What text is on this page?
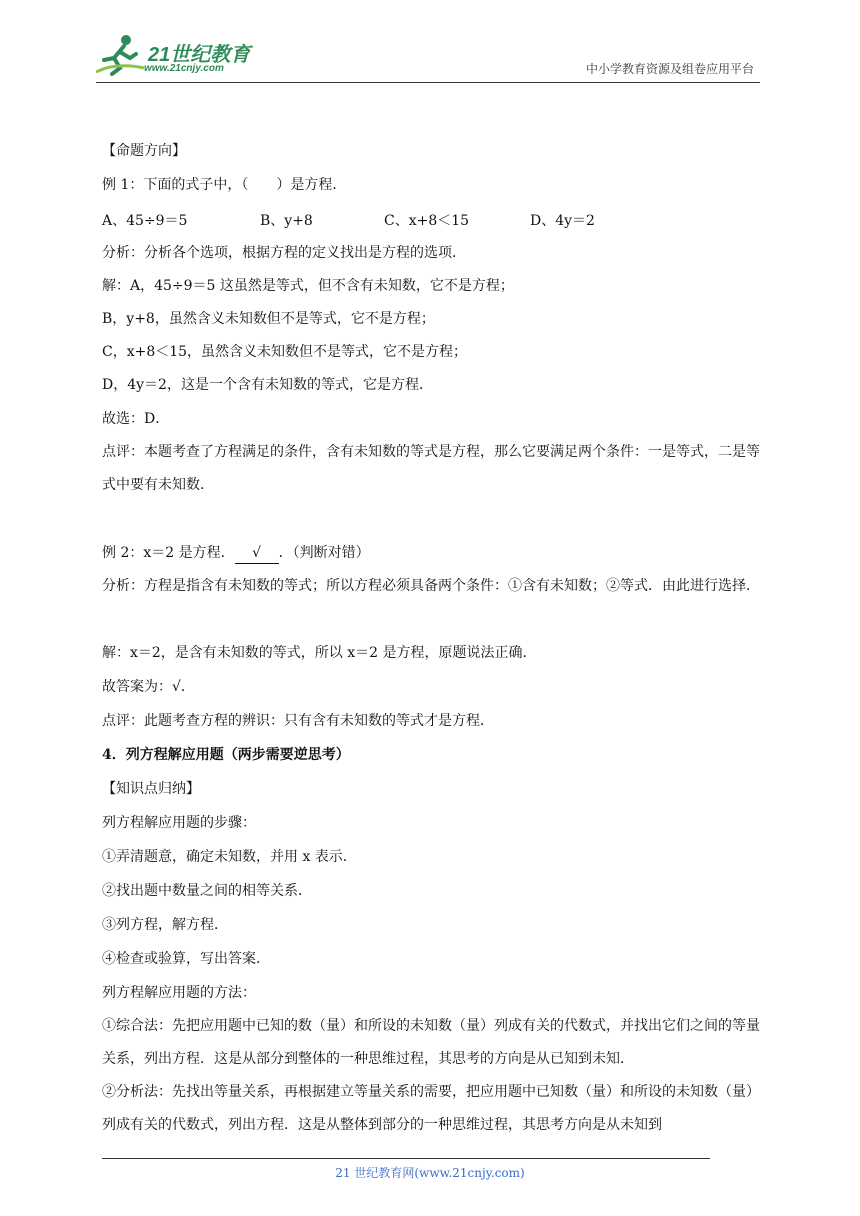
21世纪教育
www.21cnjy.com	中小学教育资源及组卷应用平台
【命题方向】
例 1：下面的式子中，（　　）是方程．
A、45÷9＝5	B、y+8	C、x+8＜15	D、4y＝2
分析：分析各个选项，根据方程的定义找出是方程的选项．
解：A，45÷9＝5 这虽然是等式，但不含有未知数，它不是方程；
B，y+8，虽然含义未知数但不是等式，它不是方程；
C，x+8＜15，虽然含义未知数但不是等式，它不是方程；
D，4y＝2，这是一个含有未知数的等式，它是方程．
故选：D．
点评：本题考查了方程满足的条件，含有未知数的等式是方程，那么它要满足两个条件：一是等式，二是等式中要有未知数．
例 2：x＝2 是方程． √ ．（判断对错）
分析：方程是指含有未知数的等式；所以方程必须具备两个条件：①含有未知数；②等式．由此进行选择．
解：x＝2，是含有未知数的等式，所以 x＝2 是方程，原题说法正确．
故答案为：√．
点评：此题考查方程的辨识：只有含有未知数的等式才是方程．
4．列方程解应用题（两步需要逆思考）
【知识点归纳】
列方程解应用题的步骤：
①弄清题意，确定未知数，并用 x 表示．
②找出题中数量之间的相等关系．
③列方程，解方程．
④检查或验算，写出答案．
列方程解应用题的方法：
①综合法：先把应用题中已知的数（量）和所设的未知数（量）列成有关的代数式，并找出它们之间的等量关系，列出方程．这是从部分到整体的一种思维过程，其思考的方向是从已知到未知．
②分析法：先找出等量关系，再根据建立等量关系的需要，把应用题中已知数（量）和所设的未知数（量）列成有关的代数式，列出方程．这是从整体到部分的一种思维过程，其思考方向是从未知到
21 世纪教育网(www.21cnjy.com)
